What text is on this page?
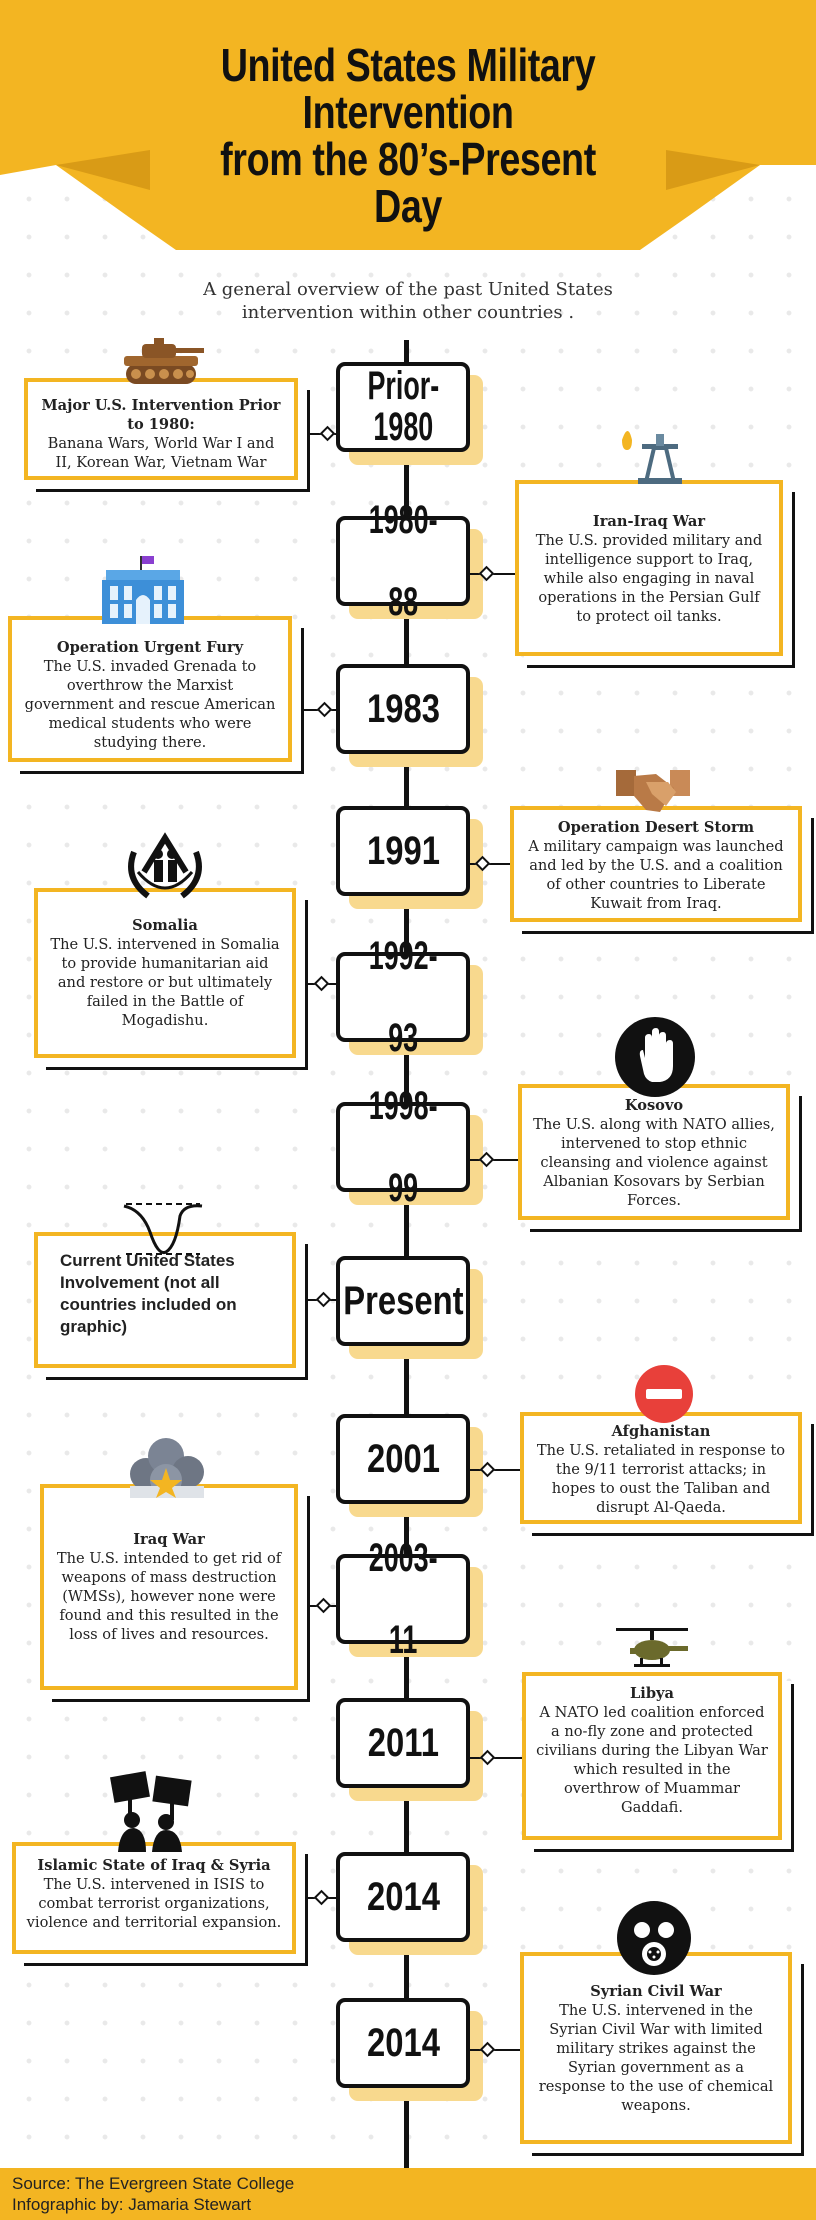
United States Military
Intervention
from the 80’s-Present
Day
A general overview of the past United States
intervention within other countries .
Prior-
1980
Major U.S. Intervention Prior to 1980:
Banana Wars, World War I and II, Korean War, Vietnam War
1980-

88
Iran-Iraq War
The U.S. provided military and intelligence support to Iraq, while also engaging in naval operations in the Persian Gulf to protect oil tanks.
1983
Operation Urgent Fury
The U.S. invaded Grenada to overthrow the Marxist government and rescue American medical students who were studying there.
1991
Operation Desert Storm
A military campaign was launched and led by the U.S. and a coalition of other countries to Liberate Kuwait from Iraq.
1992-

93
Somalia
The U.S. intervened in Somalia to provide humanitarian aid and restore or but ultimately failed in the Battle of Mogadishu.
1998-

99
Kosovo
The U.S. along with NATO allies, intervened to stop ethnic cleansing and violence against Albanian Kosovars by Serbian Forces.
Present
Current United States Involvement (not all countries included on graphic)
2001
Afghanistan
The U.S. retaliated in response to the 9/11 terrorist attacks; in hopes to oust the Taliban and disrupt Al-Qaeda.
2003-

11
Iraq War
The U.S. intended to get rid of weapons of mass destruction (WMSs), however none were found and this resulted in the loss of lives and resources.
2011
Libya
A NATO led coalition enforced a no-fly zone and protected civilians during the Libyan War which resulted in the overthrow of Muammar Gaddafi.
2014
Islamic State of Iraq & Syria
The U.S. intervened in ISIS to combat terrorist organizations, violence and territorial expansion.
2014
Syrian Civil War
The U.S. intervened in the Syrian Civil War with limited military strikes against the Syrian government as a response to the use of chemical weapons.
Source: The Evergreen State College
Infographic by: Jamaria Stewart
